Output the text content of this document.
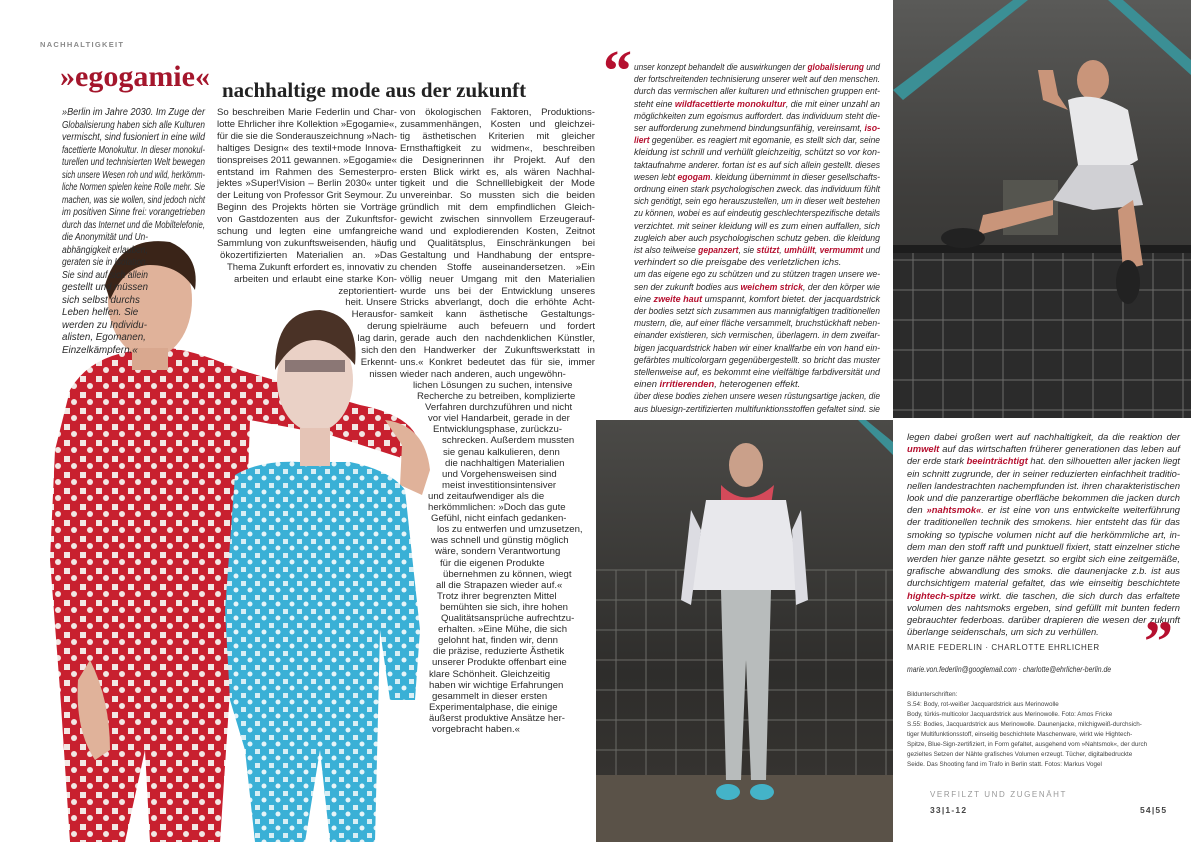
NACHHALTIGKEIT
»egogamie« nachhaltige mode aus der zukunft
»Berlin im Jahre 2030. Im Zuge der
Globalisierung haben sich alle Kulturen
vermischt, sind fusioniert in eine wild
facettierte Monokultur. In dieser monokul-
turellen und technisierten Welt bewegen
sich unsere Wesen roh und wild, herkömm-
liche Normen spielen keine Rolle mehr. Sie
machen, was sie wollen, sind jedoch nicht
im positiven Sinne frei: vorangetrieben
durch das Internet und die Mobiltelefonie,
die Anonymität und Un-
abhängigkeit erlauben,
geraten sie in Isolation.
Sie sind auf sich allein
gestellt und müssen
sich selbst durchs
Leben helfen. Sie
werden zu Individu-
alisten, Egomanen,
Einzelkämpfern.«
So beschreiben Marie Federlin und Char-
lotte Ehrlicher ihre Kollektion »Egogamie«,
für die sie die Sonderauszeichnung »Nach-
haltiges Design« des textil+mode Innova-
tionspreises 2011 gewannen. »Egogamie«
entstand im Rahmen des Semesterpro-
jektes »Super!Vision – Berlin 2030« unter
der Leitung von Professor Grit Seymour. Zu
Beginn des Projekts hörten sie Vorträge
von Gastdozenten aus der Zukunftsfor-
schung und legten eine umfangreiche
Sammlung von zukunftsweisenden, häufig
ökozertifizierten Materialien an. »Das
Thema Zukunft erfordert es, innovativ zu
arbeiten und erlaubt eine starke Kon-
zeptorientiert-
heit. Unsere
Herausfor-
derung
lag darin,
sich den
Erkennt-
nissen
von ökologischen Faktoren, Produktions-
zusammenhängen, Kosten und gleichzei-
tig ästhetischen Kriterien mit gleicher
Ernsthaftigkeit zu widmen«, beschreiben
die Designerinnen ihr Projekt. Auf den
ersten Blick wirkt es, als wären Nachhal-
tigkeit und die Schnelllebigkeit der Mode
unvereinbar. So mussten sich die beiden
gründlich mit dem empfindlichen Gleich-
gewicht zwischen sinnvollem Erzeugerauf-
wand und explodierenden Kosten, Zeitnot
und Qualitätsplus, Einschränkungen bei
Gestaltung und Handhabung der entspre-
chenden Stoffe auseinandersetzen. »Ein
völlig neuer Umgang mit den Materialien
wurde uns bei der Entwicklung unseres
Stricks abverlangt, doch die erhöhte Acht-
samkeit kann ästhetische Gestaltungs-
spielräume auch befeuern und fordert
gerade auch den nachdenklichen Künstler,
den Handwerker der Zukunftswerkstatt in
uns.« Konkret bedeutet das für sie, immer
wieder nach anderen, auch ungewöhn-
lichen Lösungen zu suchen, intensive
Recherche zu betreiben, komplizierte
Verfahren durchzuführen und nicht
vor viel Handarbeit, gerade in der
Entwicklungsphase, zurückzu-
schrecken. Außerdem mussten
sie genau kalkulieren, denn
die nachhaltigen Materialien
und Vorgehensweisen sind
meist investitionsintensiver
und zeitaufwendiger als die
herkömmlichen: »Doch das gute
Gefühl, nicht einfach gedanken-
los zu entwerfen und umzusetzen,
was schnell und günstig möglich
wäre, sondern Verantwortung
für die eigenen Produkte
übernehmen zu können, wiegt
all die Strapazen wieder auf.«
Trotz ihrer begrenzten Mittel
bemühten sie sich, ihre hohen
Qualitätsansprüche aufrechtzu-
erhalten. »Eine Mühe, die sich
gelohnt hat, finden wir, denn
die präzise, reduzierte Ästhetik
unserer Produkte offenbart eine
klare Schönheit. Gleichzeitig
haben wir wichtige Erfahrungen
gesammelt in dieser ersten
Experimentalphase, die einige
äußerst produktive Ansätze her-
vorgebracht haben.«
unser konzept behandelt die auswirkungen der globalisierung und
der fortschreitenden technisierung unserer welt auf den menschen.
durch das vermischen aller kulturen und ethnischen gruppen ent-
steht eine wildfacettierte monokultur, die mit einer unzahl an
möglichkeiten zum egoismus auffordert. das individuum steht die-
ser aufforderung zunehmend bindungsunfähig, vereinsamt, iso-
liert gegenüber. es reagiert mit egomanie, es stellt sich dar, seine
kleidung ist schrill und verhüllt gleichzeitig, schützt so vor kon-
taktaufnahme anderer. fortan ist es auf sich allein gestellt. dieses
wesen lebt egogam. kleidung übernimmt in dieser gesellschafts-
ordnung einen stark psychologischen zweck. das individuum fühlt
sich genötigt, sein ego herauszustellen, um in dieser welt bestehen
zu können, wobei es auf eindeutig geschlechterspezifische details
verzichtet. mit seiner kleidung will es zum einen auffallen, sich
zugleich aber auch psychologischen schutz geben. die kleidung
ist also teilweise gepanzert, sie stützt, umhüllt, vermummt und
verhindert so die preisgabe des verletzlichen ichs.
um das eigene ego zu schützen und zu stützen tragen unsere we-
sen der zukunft bodies aus weichem strick, der den körper wie
eine zweite haut umspannt, komfort bietet. der jacquardstrick
der bodies setzt sich zusammen aus mannigfaltigen traditionellen
mustern, die, auf einer fläche versammelt, bruchstückhaft neben-
einander existieren, sich vermischen, überlagern. in dem zweifar-
bigen jacquardstrick haben wir einer knallfarbe ein von hand ein-
gefärbtes multicolorgarn gegenübergestellt. so bricht das muster
stellenweise auf, es bekommt eine vielfältige farbdiversität und
einen irritierenden, heterogenen effekt.
über diese bodies ziehen unsere wesen rüstungsartige jacken, die
aus bluesign-zertifizierten multifunktionsstoffen gefaltet sind. sie
legen dabei großen wert auf nachhaltigkeit, da die reaktion der
umwelt auf das wirtschaften früherer generationen das leben auf
der erde stark beeinträchtigt hat. den silhouetten aller jacken liegt
ein schnitt zugrunde, der in seiner reduzierten einfachheit traditio-
nellen landestrachten nachempfunden ist. ihren charakteristischen
look und die panzerartige oberfläche bekommen die jacken durch
den »nahtsmok«. er ist eine von uns entwickelte weiterführung
der traditionellen technik des smokens. hier entsteht das für das
smoking so typische volumen nicht auf die herkömmliche art, in-
dem man den stoff rafft und punktuell fixiert, statt einzelner stiche
werden hier ganze nähte gesetzt. so ergibt sich eine zeitgemäße,
grafische abwandlung des smoks. die daunenjacke z.b. ist aus
durchsichtigem material gefaltet, das wie einseitig beschichtete
hightech-spitze wirkt. die taschen, die sich durch das erfaltete
volumen des nahtsmoks ergeben, sind gefüllt mit bunten federn
gebrauchter federboas. darüber drapieren die wesen der zukunft
überlange seidenschals, um sich zu verhüllen.
“
”
MARIE FEDERLIN · CHARLOTTE EHRLICHER
marie.von.federlin@googlemail.com · charlotte@ehrlicher-berlin.de
Bildunterschriften:
S.54: Body, rot-weißer Jacquardstrick aus Merinowolle
Body, türkis-multicolor Jacquardstrick aus Merinowolle. Foto: Amos Fricke
S.55: Bodies, Jacquardstrick aus Merinowolle. Daunenjacke, milchigweiß-durchsich-
tiger Multifunktionsstoff, einseitig beschichtete Maschenware, wirkt wie Hightech-
Spitze, Blue-Sign-zertifiziert, in Form gefaltet, ausgehend vom »Nahtsmok«, der durch
gezieltes Setzen der Nähte grafisches Volumen erzeugt. Tücher, digitalbedruckte
Seide. Das Shooting fand im Trafo in Berlin statt. Fotos: Markus Vogel
VERFILZT UND ZUGENÄHT
33|1-12	54|55
